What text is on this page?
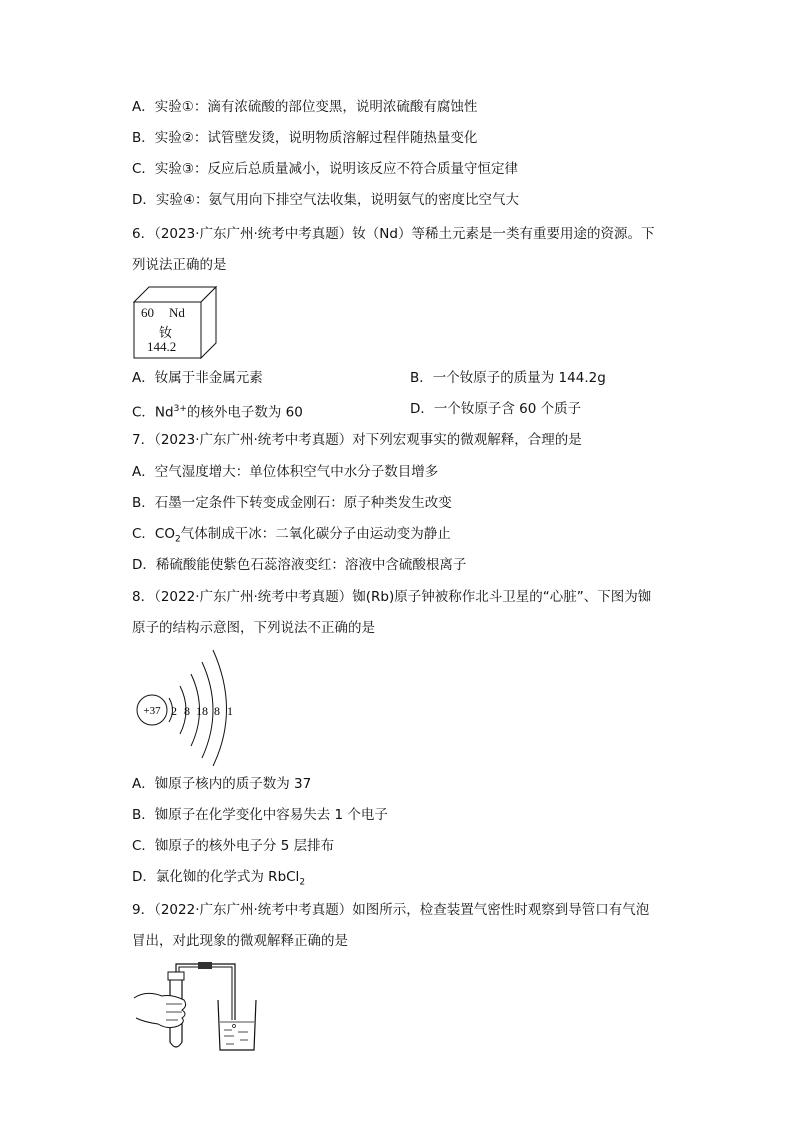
A．实验①：滴有浓硫酸的部位变黑，说明浓硫酸有腐蚀性
B．实验②：试管壁发烫，说明物质溶解过程伴随热量变化
C．实验③：反应后总质量减小，说明该反应不符合质量守恒定律
D．实验④：氨气用向下排空气法收集，说明氨气的密度比空气大
6．（2023·广东广州·统考中考真题）钕（Nd）等稀土元素是一类有重要用途的资源。下
列说法正确的是
60 Nd
钕
144.2
A．钕属于非金属元素	B．一个钕原子的质量为 144.2g
C．$Nd^{3+}$的核外电子数为 60	D．一个钕原子含 60 个质子
7．（2023·广东广州·统考中考真题）对下列宏观事实的微观解释，合理的是
A．空气湿度增大：单位体积空气中水分子数目增多
B．石墨一定条件下转变成金刚石：原子种类发生改变
C．$CO_2$气体制成干冰：二氧化碳分子由运动变为静止
D．稀硫酸能使紫色石蕊溶液变红：溶液中含硫酸根离子
8．（2022·广东广州·统考中考真题）铷(Rb)原子钟被称作北斗卫星的“心脏”、下图为铷
原子的结构示意图，下列说法不正确的是
+37 2 8 18 8 1
A．铷原子核内的质子数为 37
B．铷原子在化学变化中容易失去 1 个电子
C．铷原子的核外电子分 5 层排布
D．氯化铷的化学式为 RbCl$_2$
9．（2022·广东广州·统考中考真题）如图所示，检查装置气密性时观察到导管口有气泡
冒出，对此现象的微观解释正确的是
